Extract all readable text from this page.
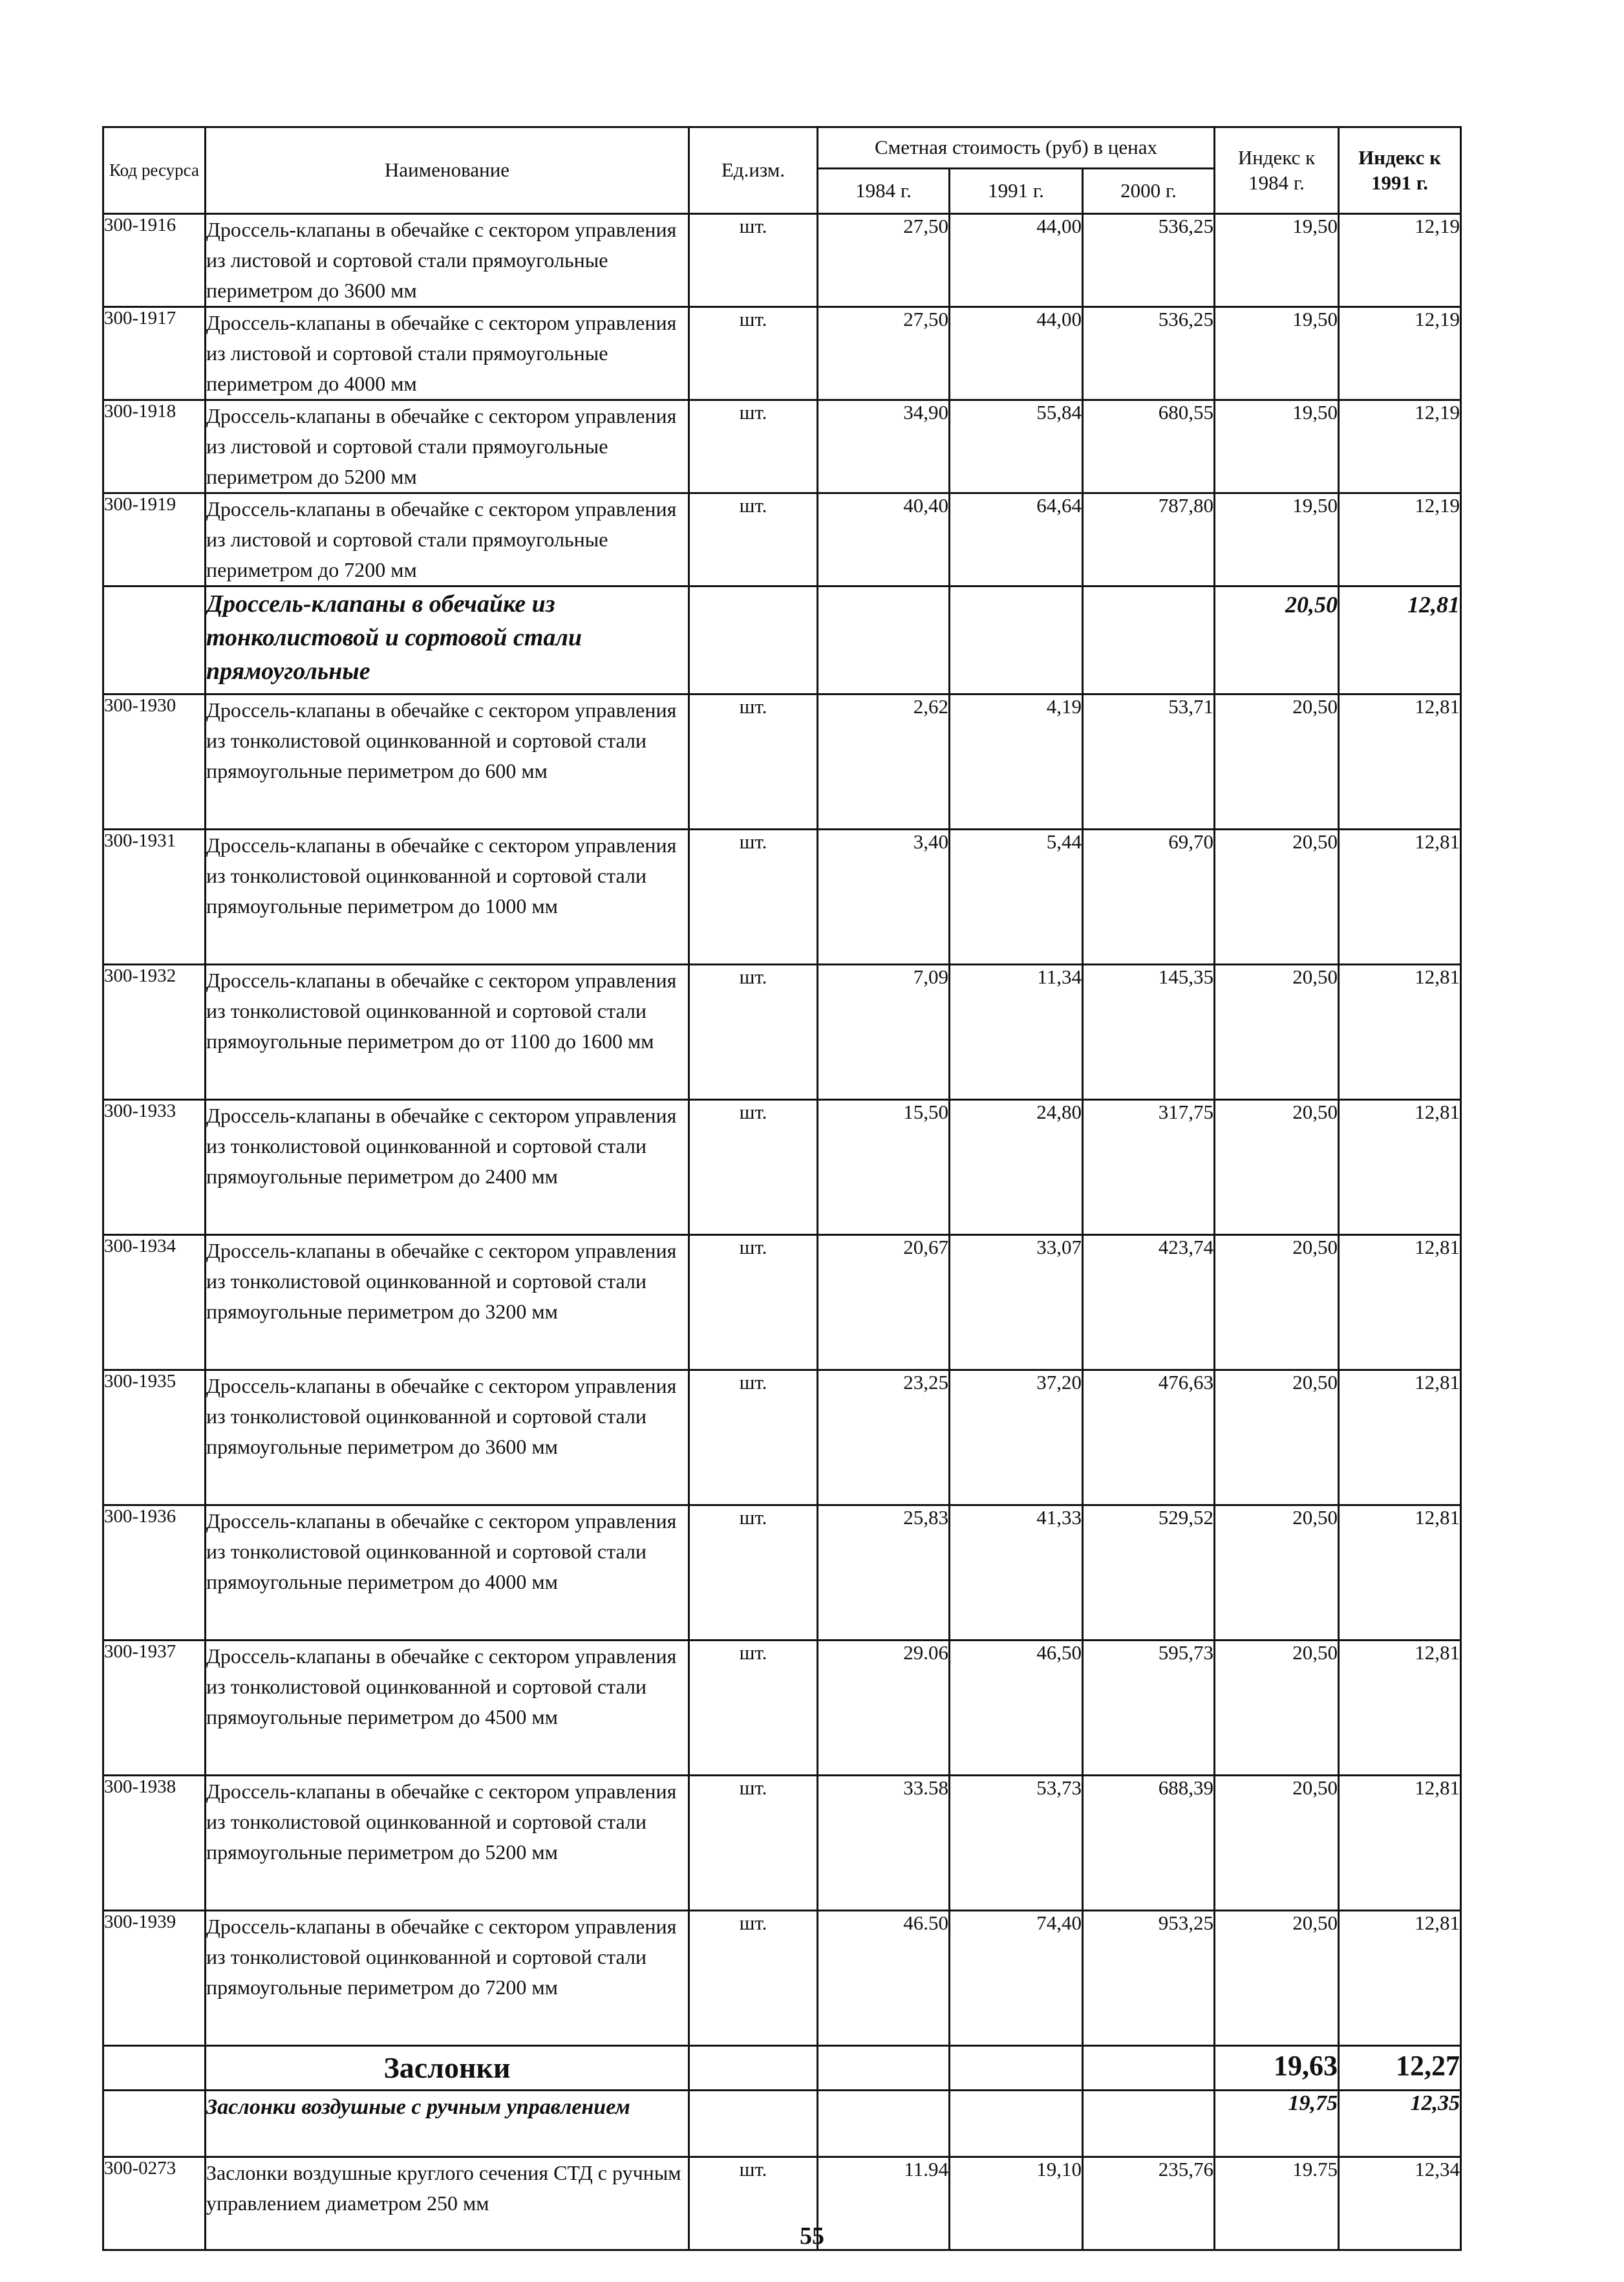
Код ресурса	Наименование	Ед.изм.	Сметная стоимость (руб) в ценах			Индекс к 1984 г.	Индекс к 1991 г.
			1984 г.	1991 г.	2000 г.		
300-1916	Дроссель-клапаны в обечайке с сектором управления из листовой и сортовой стали прямоугольные периметром до 3600 мм	шт.	27,50	44,00	536,25	19,50	12,19
300-1917	Дроссель-клапаны в обечайке с сектором управления из листовой и сортовой стали прямоугольные периметром до 4000 мм	шт.	27,50	44,00	536,25	19,50	12,19
300-1918	Дроссель-клапаны в обечайке с сектором управления из листовой и сортовой стали прямоугольные периметром до 5200 мм	шт.	34,90	55,84	680,55	19,50	12,19
300-1919	Дроссель-клапаны в обечайке с сектором управления из листовой и сортовой стали прямоугольные периметром до 7200 мм	шт.	40,40	64,64	787,80	19,50	12,19
	Дроссель-клапаны в обечайке из тонколистовой и сортовой стали прямоугольные					20,50	12,81
300-1930	Дроссель-клапаны в обечайке с сектором управления из тонколистовой оцинкованной и сортовой стали прямоугольные периметром до 600 мм	шт.	2,62	4,19	53,71	20,50	12,81
300-1931	Дроссель-клапаны в обечайке с сектором управления из тонколистовой оцинкованной и сортовой стали прямоугольные периметром до 1000 мм	шт.	3,40	5,44	69,70	20,50	12,81
300-1932	Дроссель-клапаны в обечайке с сектором управления из тонколистовой оцинкованной и сортовой стали прямоугольные периметром до от 1100 до 1600 мм	шт.	7,09	11,34	145,35	20,50	12,81
300-1933	Дроссель-клапаны в обечайке с сектором управления из тонколистовой оцинкованной и сортовой стали прямоугольные периметром до 2400 мм	шт.	15,50	24,80	317,75	20,50	12,81
300-1934	Дроссель-клапаны в обечайке с сектором управления из тонколистовой оцинкованной и сортовой стали прямоугольные периметром до 3200 мм	шт.	20,67	33,07	423,74	20,50	12,81
300-1935	Дроссель-клапаны в обечайке с сектором управления из тонколистовой оцинкованной и сортовой стали прямоугольные периметром до 3600 мм	шт.	23,25	37,20	476,63	20,50	12,81
300-1936	Дроссель-клапаны в обечайке с сектором управления из тонколистовой оцинкованной и сортовой стали прямоугольные периметром до 4000 мм	шт.	25,83	41,33	529,52	20,50	12,81
300-1937	Дроссель-клапаны в обечайке с сектором управления из тонколистовой оцинкованной и сортовой стали прямоугольные периметром до 4500 мм	шт.	29.06	46,50	595,73	20,50	12,81
300-1938	Дроссель-клапаны в обечайке с сектором управления из тонколистовой оцинкованной и сортовой стали прямоугольные периметром до 5200 мм	шт.	33.58	53,73	688,39	20,50	12,81
300-1939	Дроссель-клапаны в обечайке с сектором управления из тонколистовой оцинкованной и сортовой стали прямоугольные периметром до 7200 мм	шт.	46.50	74,40	953,25	20,50	12,81
	Заслонки					19,63	12,27
	Заслонки воздушные с ручным управлением					19,75	12,35
300-0273	Заслонки воздушные круглого сечения СТД с ручным управлением диаметром 250 мм	шт.	11.94	19,10	235,76	19.75	12,34
55
